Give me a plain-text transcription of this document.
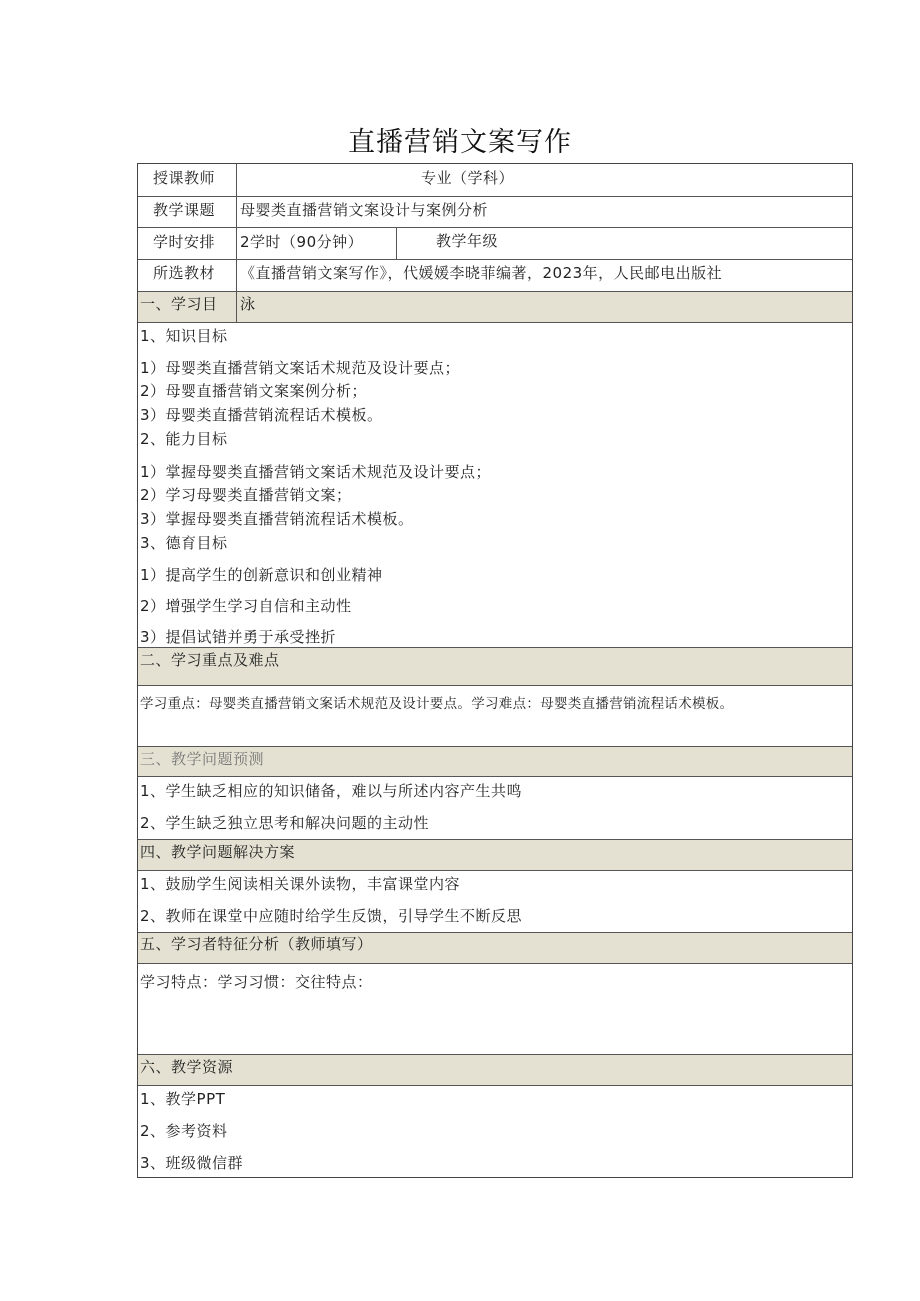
直播营销文案写作
授课教师	专业（学科）
教学课题 母婴类直播营销文案设计与案例分析
学时安排 2学时（90分钟）	教学年级
所选教材 《直播营销文案写作》，代媛媛李晓菲编著，2023年，人民邮电出版社
一、学习目 泳
1、知识目标
1）母婴类直播营销文案话术规范及设计要点；
2）母婴直播营销文案案例分析；
3）母婴类直播营销流程话术模板。
2、能力目标
1）掌握母婴类直播营销文案话术规范及设计要点；
2）学习母婴类直播营销文案；
3）掌握母婴类直播营销流程话术模板。
3、德育目标
1）提高学生的创新意识和创业精神
2）增强学生学习自信和主动性
3）提倡试错并勇于承受挫折
二、学习重点及难点
学习重点：母婴类直播营销文案话术规范及设计要点。学习难点：母婴类直播营销流程话术模板。
三、教学问题预测
1、学生缺乏相应的知识储备，难以与所述内容产生共鸣
2、学生缺乏独立思考和解决问题的主动性
四、教学问题解决方案
1、鼓励学生阅读相关课外读物，丰富课堂内容
2、教师在课堂中应随时给学生反馈，引导学生不断反思
五、学习者特征分析（教师填写）
学习特点：学习习惯：交往特点：
六、教学资源
1、教学PPT
2、参考资料
3、班级微信群
